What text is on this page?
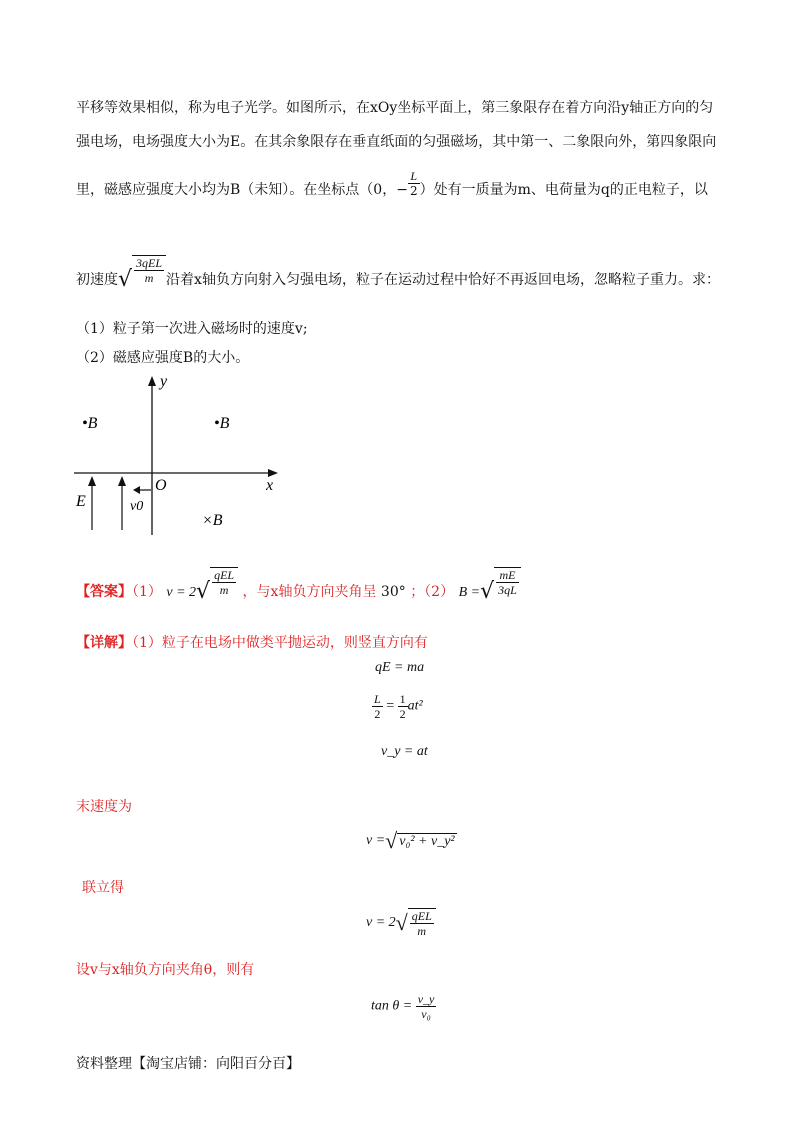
平移等效果相似，称为电子光学。如图所示，在xOy坐标平面上，第三象限存在着方向沿y轴正方向的匀
强电场，电场强度大小为E。在其余象限存在垂直纸面的匀强磁场，其中第一、二象限向外，第四象限向
里，磁感应强度大小均为B（未知）。在坐标点（0，− $\frac{L}{2}$ ）处有一质量为m、电荷量为q的正电粒子，以
初速度√ $\frac{\text{3qEL}}{m}$ 沿着x轴负方向射入匀强电场，粒子在运动过程中恰好不再返回电场，忽略粒子重力。求：
（1）粒子第一次进入磁场时的速度v;
（2）磁感应强度B的大小。
y
x
O
•B	•B
×B
E	v0
【答案】（1） $v = 2√ \frac{\text{qEL}}{m}$ ，与x轴负方向夹角呈 30° ；（2） B =√ $\frac{mE}{3qL}$
【详解】（1）粒子在电场中做类平抛运动，则竖直方向有
qE = ma
$\frac{L}{2} = \frac{1}{2} at^2$
v_y = at
末速度为
v =√ v₀² + v_y²
联立得
$v = 2√ \frac{\text{qEL}}{m}$
设v与x轴负方向夹角θ，则有
$\tan \theta = \frac{v\_y}{\text{v₀}}$
资料整理【淘宝店铺：向阳百分百】
